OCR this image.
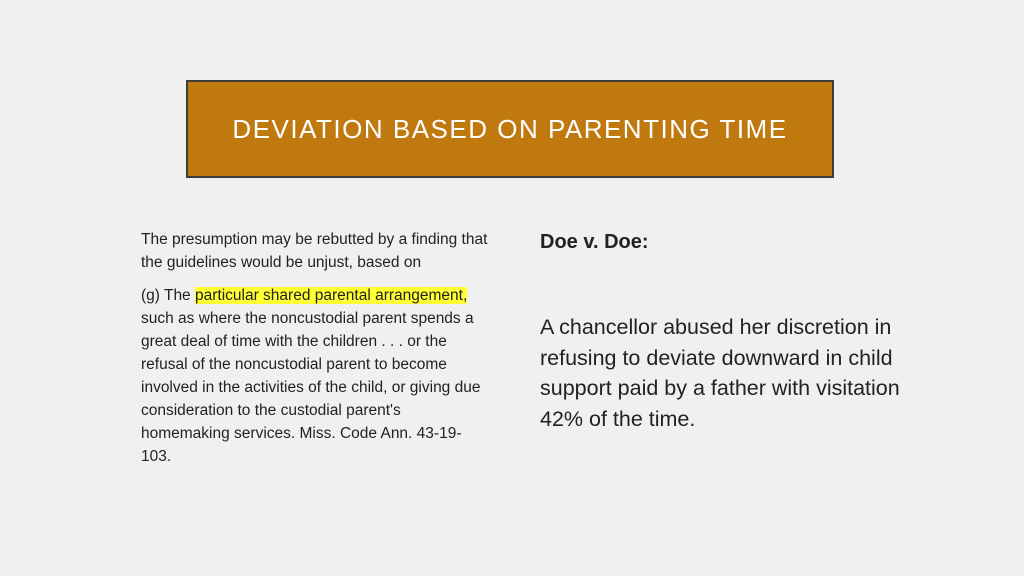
DEVIATION BASED ON PARENTING TIME

The presumption may be rebutted by a finding that the guidelines would be unjust, based on

(g) The particular shared parental arrangement, such as where the noncustodial parent spends a great deal of time with the children . . . or the refusal of the noncustodial parent to become involved in the activities of the child, or giving due consideration to the custodial parent's homemaking services. Miss. Code Ann. 43-19-103.

Doe v. Doe:

A chancellor abused her discretion in refusing to deviate downward in child support paid by a father with visitation 42% of the time.
